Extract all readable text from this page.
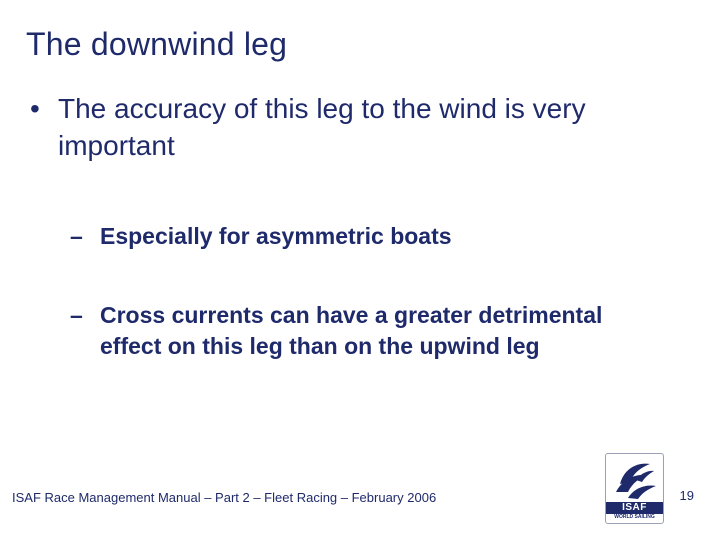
The downwind leg
• The accuracy of this leg to the wind is very important
– Especially for asymmetric boats
– Cross currents can have a greater detrimental effect on this leg than on the upwind leg
ISAF Race Management Manual – Part 2 – Fleet Racing – February 2006
ISAF
WORLD SAILING
19
